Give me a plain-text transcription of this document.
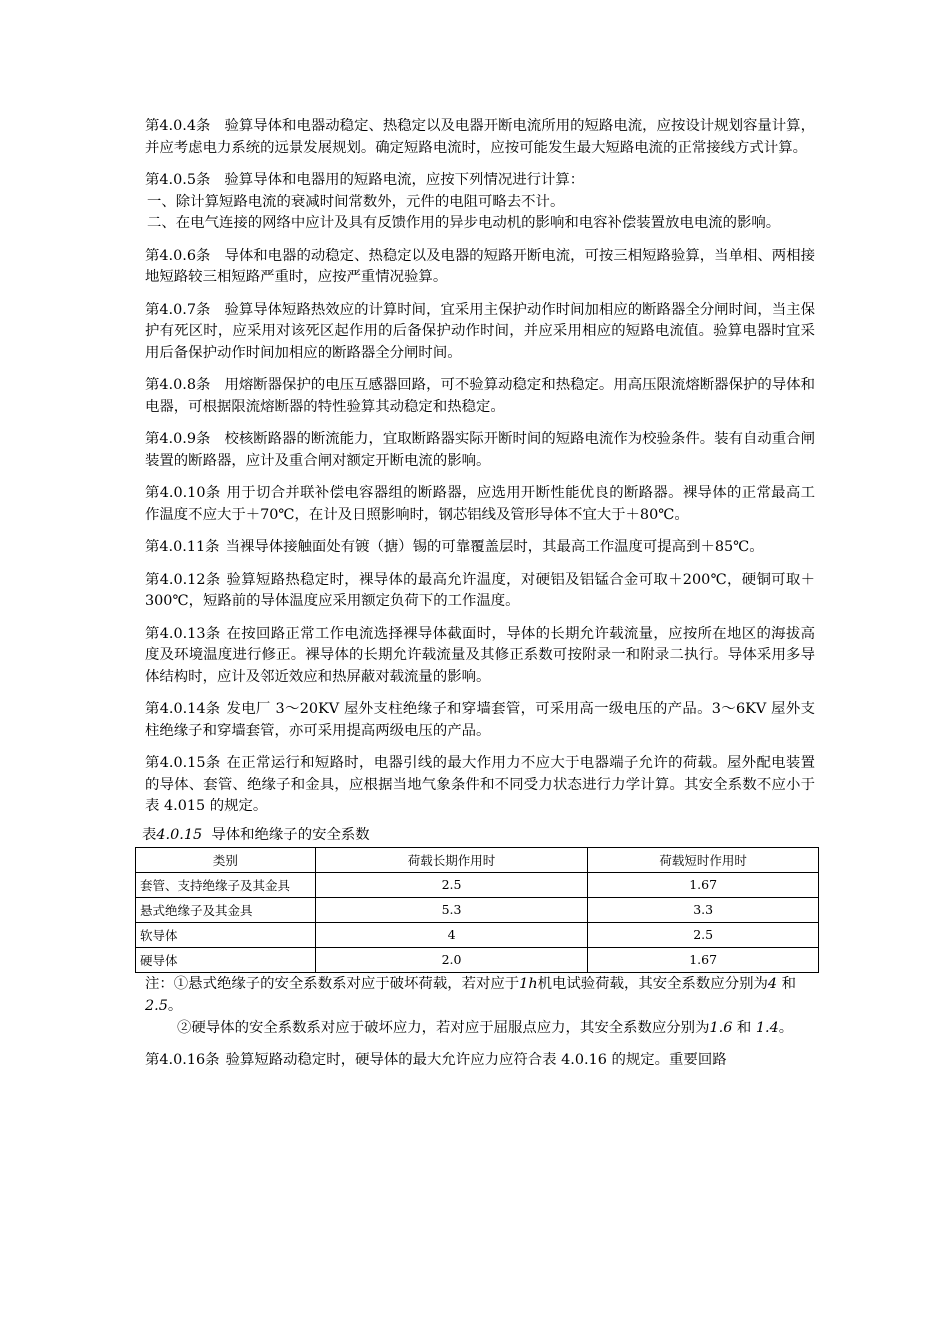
第4.0.4条 验算导体和电器动稳定、热稳定以及电器开断电流所用的短路电流，应按设计规划容量计算，并应考虑电力系统的远景发展规划。确定短路电流时，应按可能发生最大短路电流的正常接线方式计算。

第4.0.5条 验算导体和电器用的短路电流，应按下列情况进行计算：
一、除计算短路电流的衰减时间常数外，元件的电阻可略去不计。
二、在电气连接的网络中应计及具有反馈作用的异步电动机的影响和电容补偿装置放电电流的影响。

第4.0.6条 导体和电器的动稳定、热稳定以及电器的短路开断电流，可按三相短路验算，当单相、两相接地短路较三相短路严重时，应按严重情况验算。

第4.0.7条 验算导体短路热效应的计算时间，宜采用主保护动作时间加相应的断路器全分闸时间，当主保护有死区时，应采用对该死区起作用的后备保护动作时间，并应采用相应的短路电流值。验算电器时宜采用后备保护动作时间加相应的断路器全分闸时间。

第4.0.8条 用熔断器保护的电压互感器回路，可不验算动稳定和热稳定。用高压限流熔断器保护的导体和电器，可根据限流熔断器的特性验算其动稳定和热稳定。

第4.0.9条 校核断路器的断流能力，宜取断路器实际开断时间的短路电流作为校验条件。装有自动重合闸装置的断路器，应计及重合闸对额定开断电流的影响。

第4.0.10条 用于切合并联补偿电容器组的断路器，应选用开断性能优良的断路器。裸导体的正常最高工作温度不应大于＋70℃，在计及日照影响时，钢芯铝线及管形导体不宜大于＋80℃。

第4.0.11条 当裸导体接触面处有镀（搪）锡的可靠覆盖层时，其最高工作温度可提高到＋85℃。

第4.0.12条 验算短路热稳定时，裸导体的最高允许温度，对硬铝及铝锰合金可取＋200℃，硬铜可取＋300℃，短路前的导体温度应采用额定负荷下的工作温度。

第4.0.13条 在按回路正常工作电流选择裸导体截面时，导体的长期允许载流量，应按所在地区的海拔高度及环境温度进行修正。裸导体的长期允许载流量及其修正系数可按附录一和附录二执行。导体采用多导体结构时，应计及邻近效应和热屏蔽对载流量的影响。

第4.0.14条 发电厂 3～20KV 屋外支柱绝缘子和穿墙套管，可采用高一级电压的产品。3～6KV 屋外支柱绝缘子和穿墙套管，亦可采用提高两级电压的产品。

第4.0.15条 在正常运行和短路时，电器引线的最大作用力不应大于电器端子允许的荷载。屋外配电装置的导体、套管、绝缘子和金具，应根据当地气象条件和不同受力状态进行力学计算。其安全系数不应小于表 4.015 的规定。

表4.0.15 导体和绝缘子的安全系数
类别	荷载长期作用时	荷载短时作用时
套管、支持绝缘子及其金具	2.5	1.67
悬式绝缘子及其金具	5.3	3.3
软导体	4	2.5
硬导体	2.0	1.67

注：①悬式绝缘子的安全系数系对应于破坏荷载，若对应于1h机电试验荷载，其安全系数应分别为4 和 2.5。

②硬导体的安全系数系对应于破坏应力，若对应于屈服点应力，其安全系数应分别为1.6 和 1.4。

第4.0.16条 验算短路动稳定时，硬导体的最大允许应力应符合表 4.0.16 的规定。重要回路
